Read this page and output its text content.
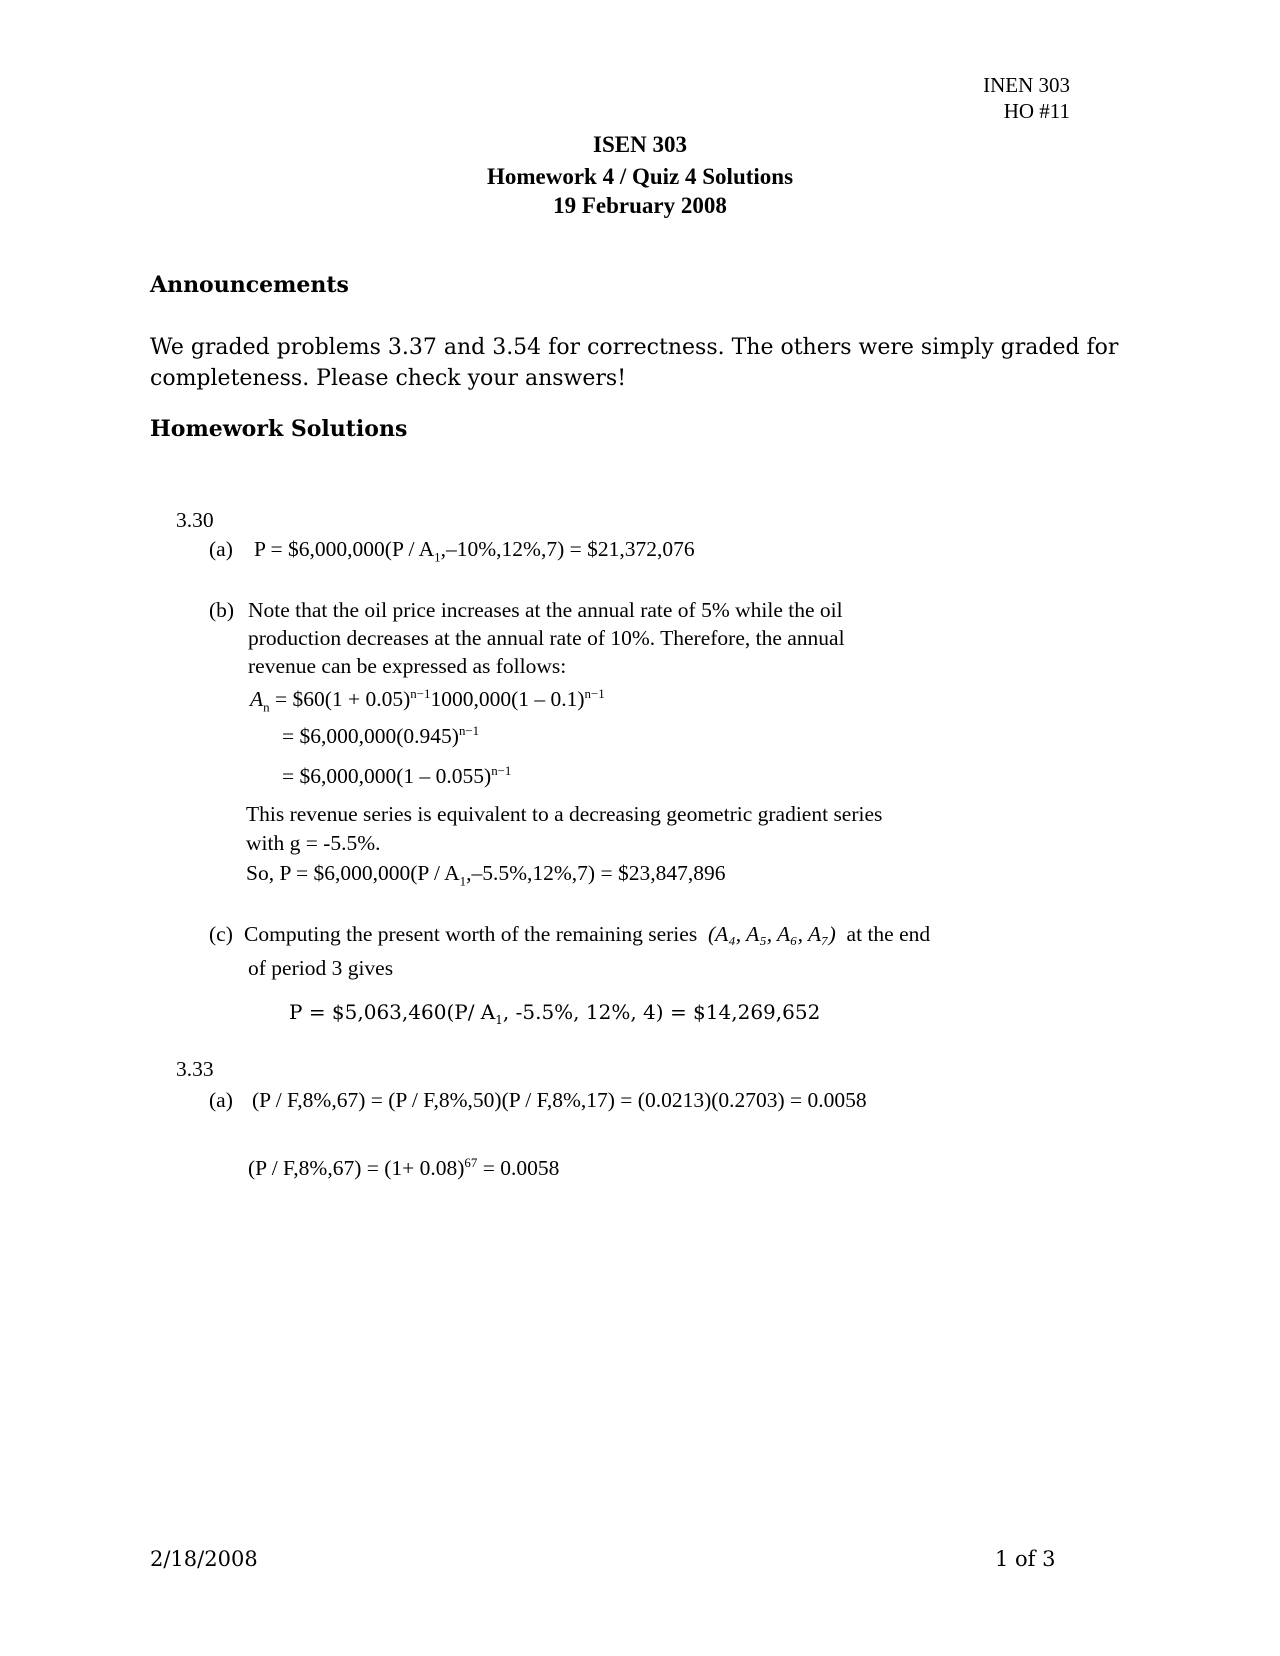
INEN 303
HO #11
ISEN 303
Homework 4 / Quiz 4 Solutions
19 February 2008
Announcements
We graded problems 3.37 and 3.54 for correctness. The others were simply graded for
completeness. Please check your answers!
Homework Solutions
3.30
(a) P = $6,000,000(P / $A_1,-10\%,12\%,7$) = $21,372,076
(b) Note that the oil price increases at the annual rate of 5% while the oil
production decreases at the annual rate of 10%. Therefore, the annual
revenue can be expressed as follows:
$A_n$ = $60(1 + 0.05)$^{n-1}$1000,000(1 – 0.1)$^{n-1}$
= $\$6,000,000(0.945)^{n-1}$
= $6,000,000(1 – 0.055)$^{n-1}$
This revenue series is equivalent to a decreasing geometric gradient series
with g = -5.5%.
So, P = $6,000,000(P / $A_1,-5.5\%,12\%,7$) = $23,847,896
(c) Computing the present worth of the remaining series (A₄, A₅, A₆, A₇) at the end
of period 3 gives
P = $5,063,460(P/ $A_1$, -5.5%, 12%, 4) = $14,269,652
3.33
(a) (P / F,8%,67) = (P / F,8%,50)(P / F,8%,17) = (0.0213)(0.2703) = 0.0058
$(P / F,8\%,67) = (1+ 0.08)^{67} = 0.0058$
2/18/2008	1 of 3
